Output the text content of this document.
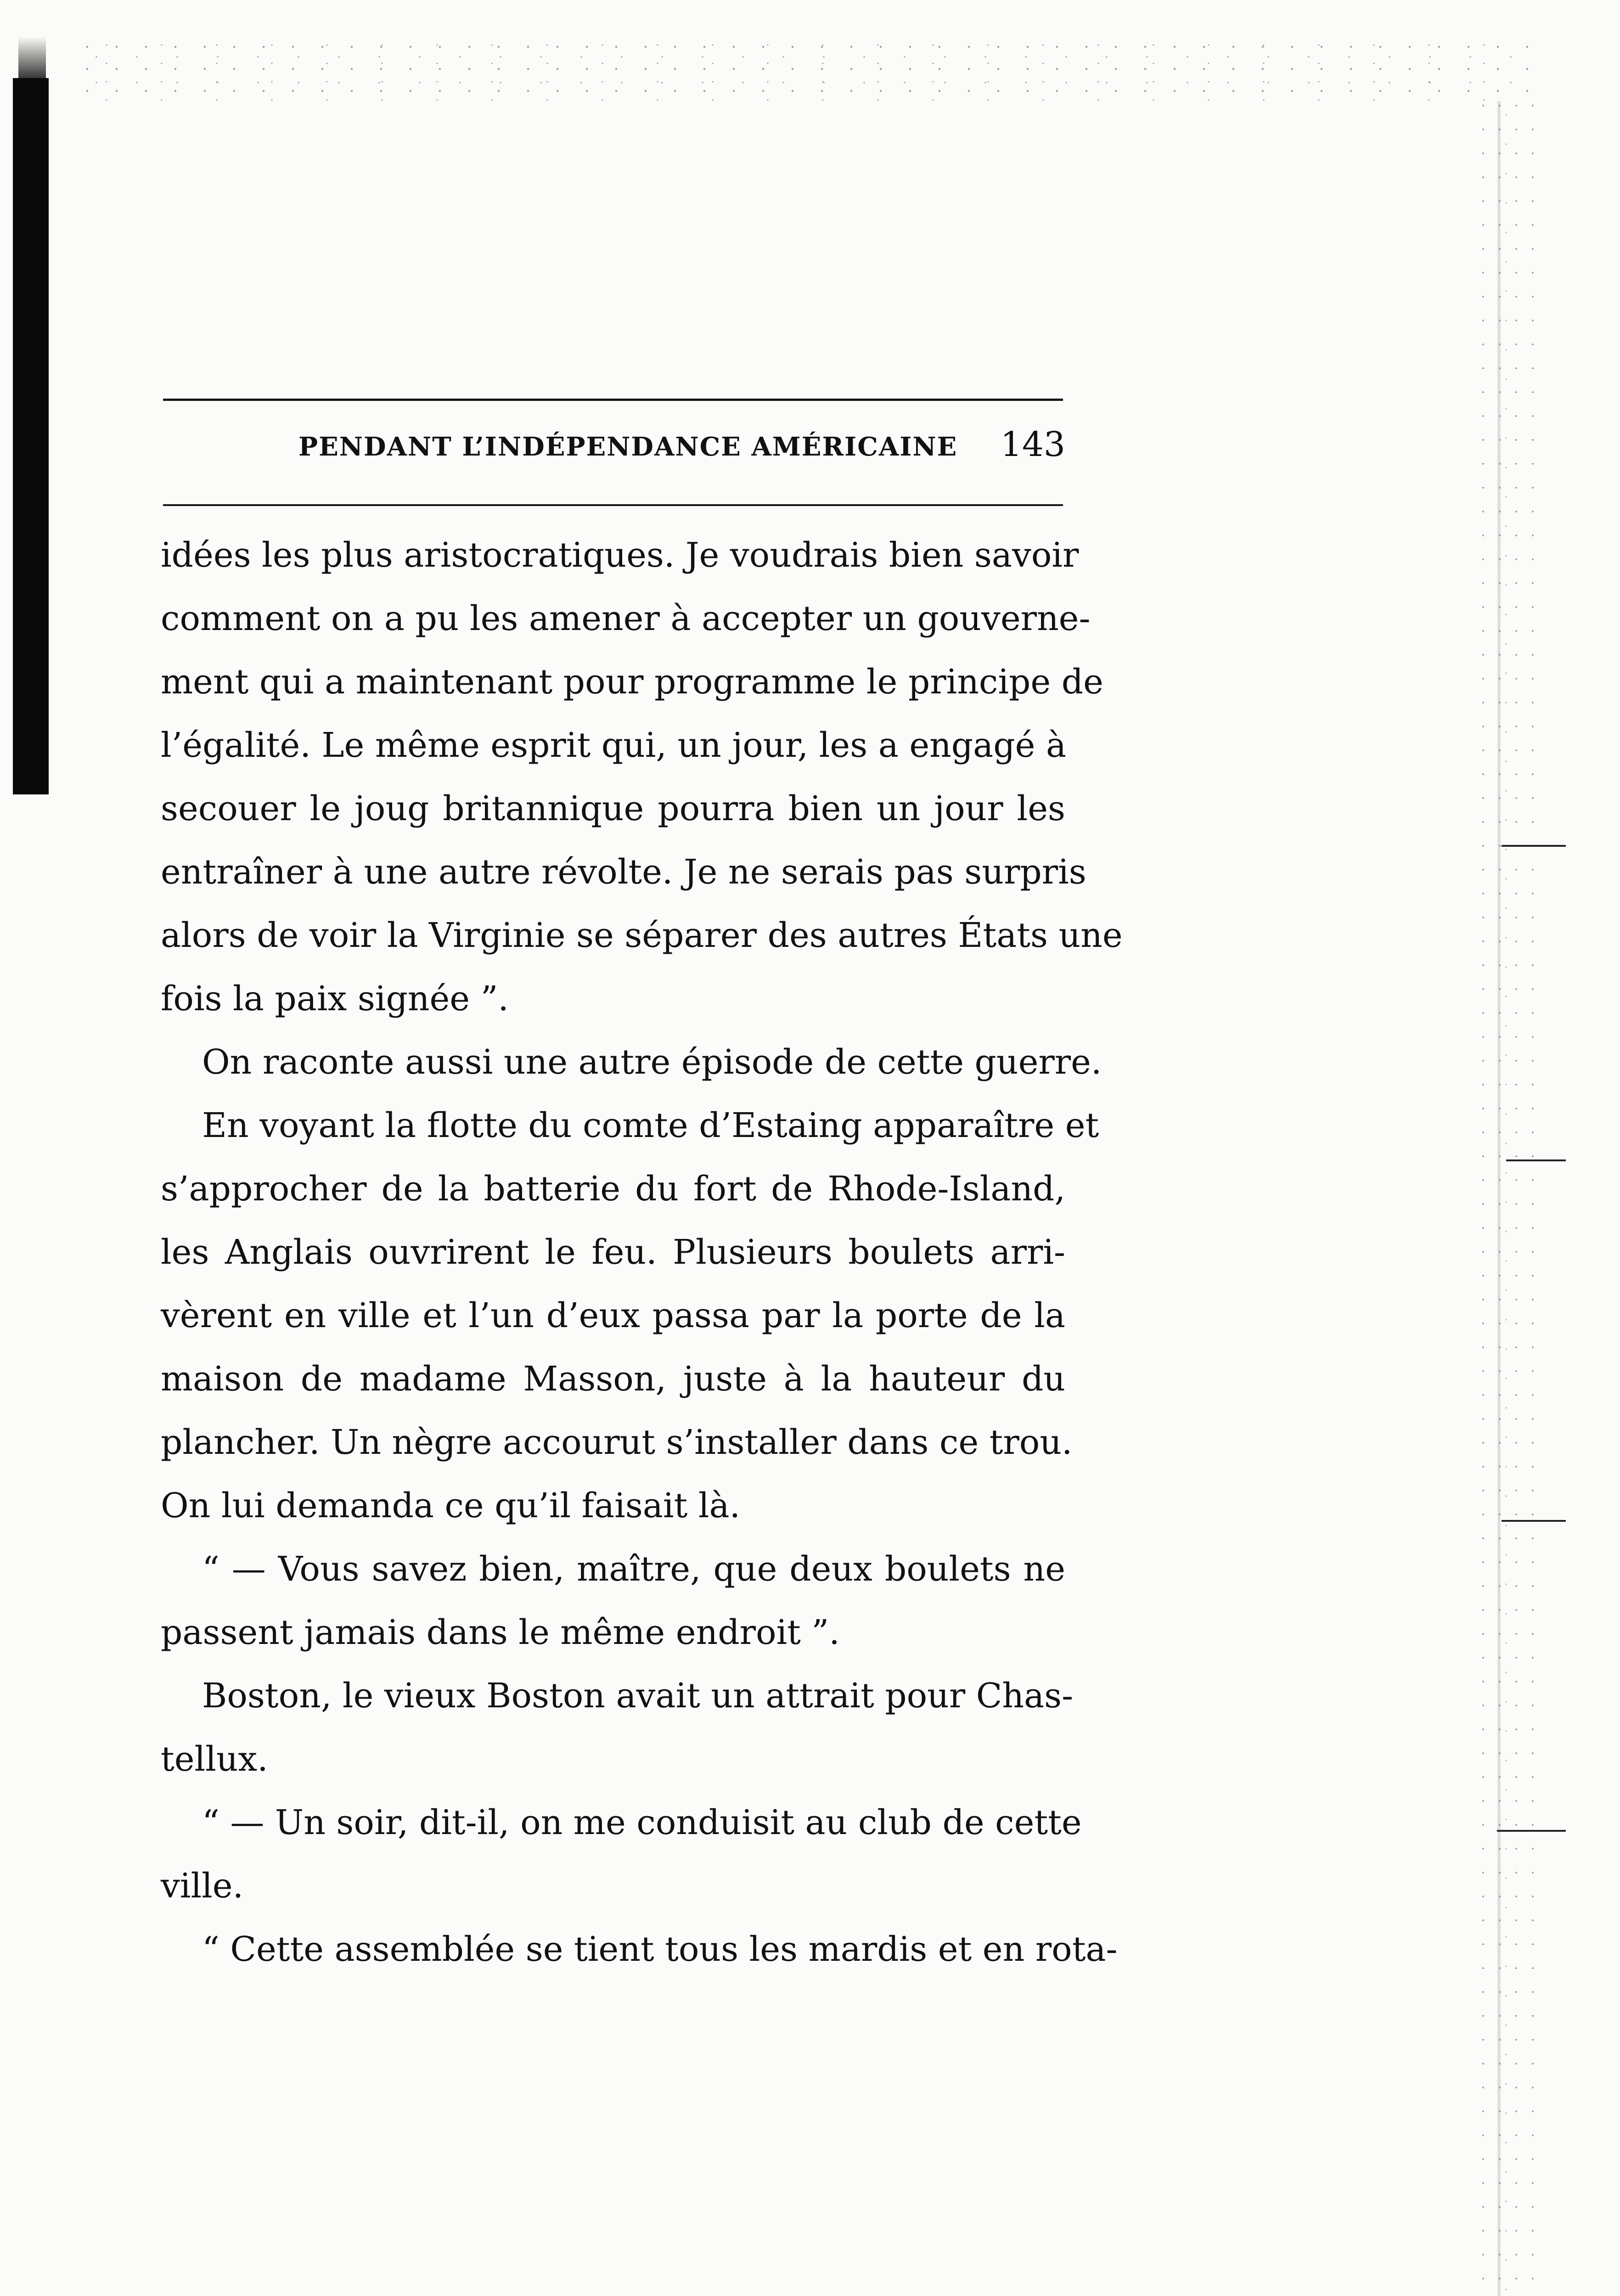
PENDANT L’INDÉPENDANCE AMÉRICAINE 143
idées les plus aristocratiques. Je voudrais bien savoir
comment on a pu les amener à accepter un gouverne-
ment qui a maintenant pour programme le principe de
l’égalité. Le même esprit qui, un jour, les a engagé à
secouer le joug britannique pourra bien un jour les
entraîner à une autre révolte. Je ne serais pas surpris
alors de voir la Virginie se séparer des autres États une
fois la paix signée ”.
On raconte aussi une autre épisode de cette guerre.
En voyant la flotte du comte d’Estaing apparaître et
s’approcher de la batterie du fort de Rhode-Island,
les Anglais ouvrirent le feu. Plusieurs boulets arri-
vèrent en ville et l’un d’eux passa par la porte de la
maison de madame Masson, juste à la hauteur du
plancher. Un nègre accourut s’installer dans ce trou.
On lui demanda ce qu’il faisait là.
“ — Vous savez bien, maître, que deux boulets ne
passent jamais dans le même endroit ”.
Boston, le vieux Boston avait un attrait pour Chas-
tellux.
“ — Un soir, dit-il, on me conduisit au club de cette
ville.
“ Cette assemblée se tient tous les mardis et en rota-
